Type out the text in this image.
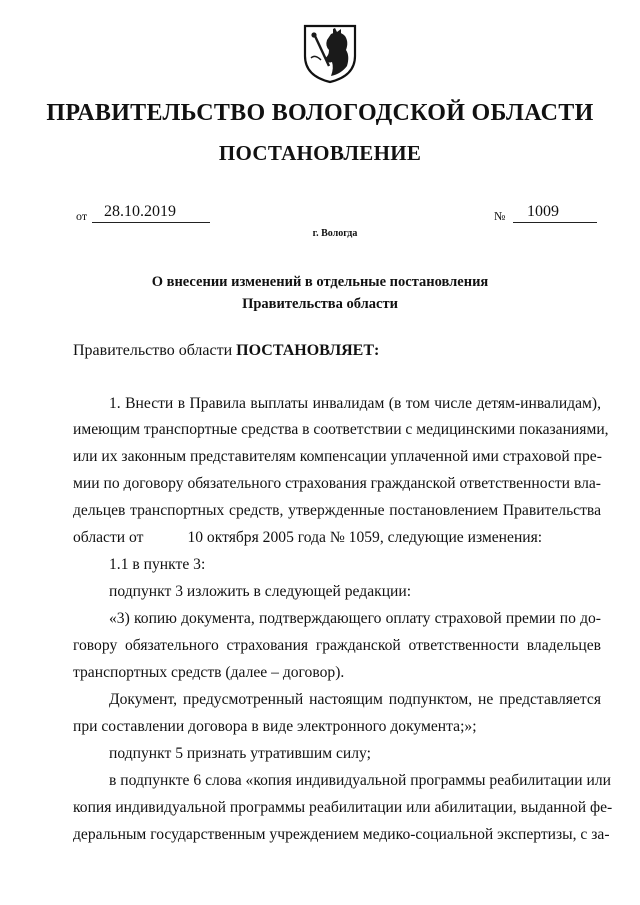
ПРАВИТЕЛЬСТВО ВОЛОГОДСКОЙ ОБЛАСТИ
ПОСТАНОВЛЕНИЕ
от 28.10.2019	№ 1009
г. Вологда
О внесении изменений в отдельные постановления
Правительства области
Правительство области ПОСТАНОВЛЯЕТ:
1. Внести в Правила выплаты инвалидам (в том числе детям-инвалидам),
имеющим транспортные средства в соответствии с медицинскими показаниями,
или их законным представителям компенсации уплаченной ими страховой пре-
мии по договору обязательного страхования гражданской ответственности вла-
дельцев транспортных средств, утвержденные постановлением Правительства
области от	10 октября 2005 года № 1059, следующие изменения:
1.1 в пункте 3:
подпункт 3 изложить в следующей редакции:
«3) копию документа, подтверждающего оплату страховой премии по до-
говору обязательного страхования гражданской ответственности владельцев
транспортных средств (далее – договор).
Документ, предусмотренный настоящим подпунктом, не представляется
при составлении договора в виде электронного документа;»;
подпункт 5 признать утратившим силу;
в подпункте 6 слова «копия индивидуальной программы реабилитации или
копия индивидуальной программы реабилитации или абилитации, выданной фе-
деральным государственным учреждением медико-социальной экспертизы, с за-
